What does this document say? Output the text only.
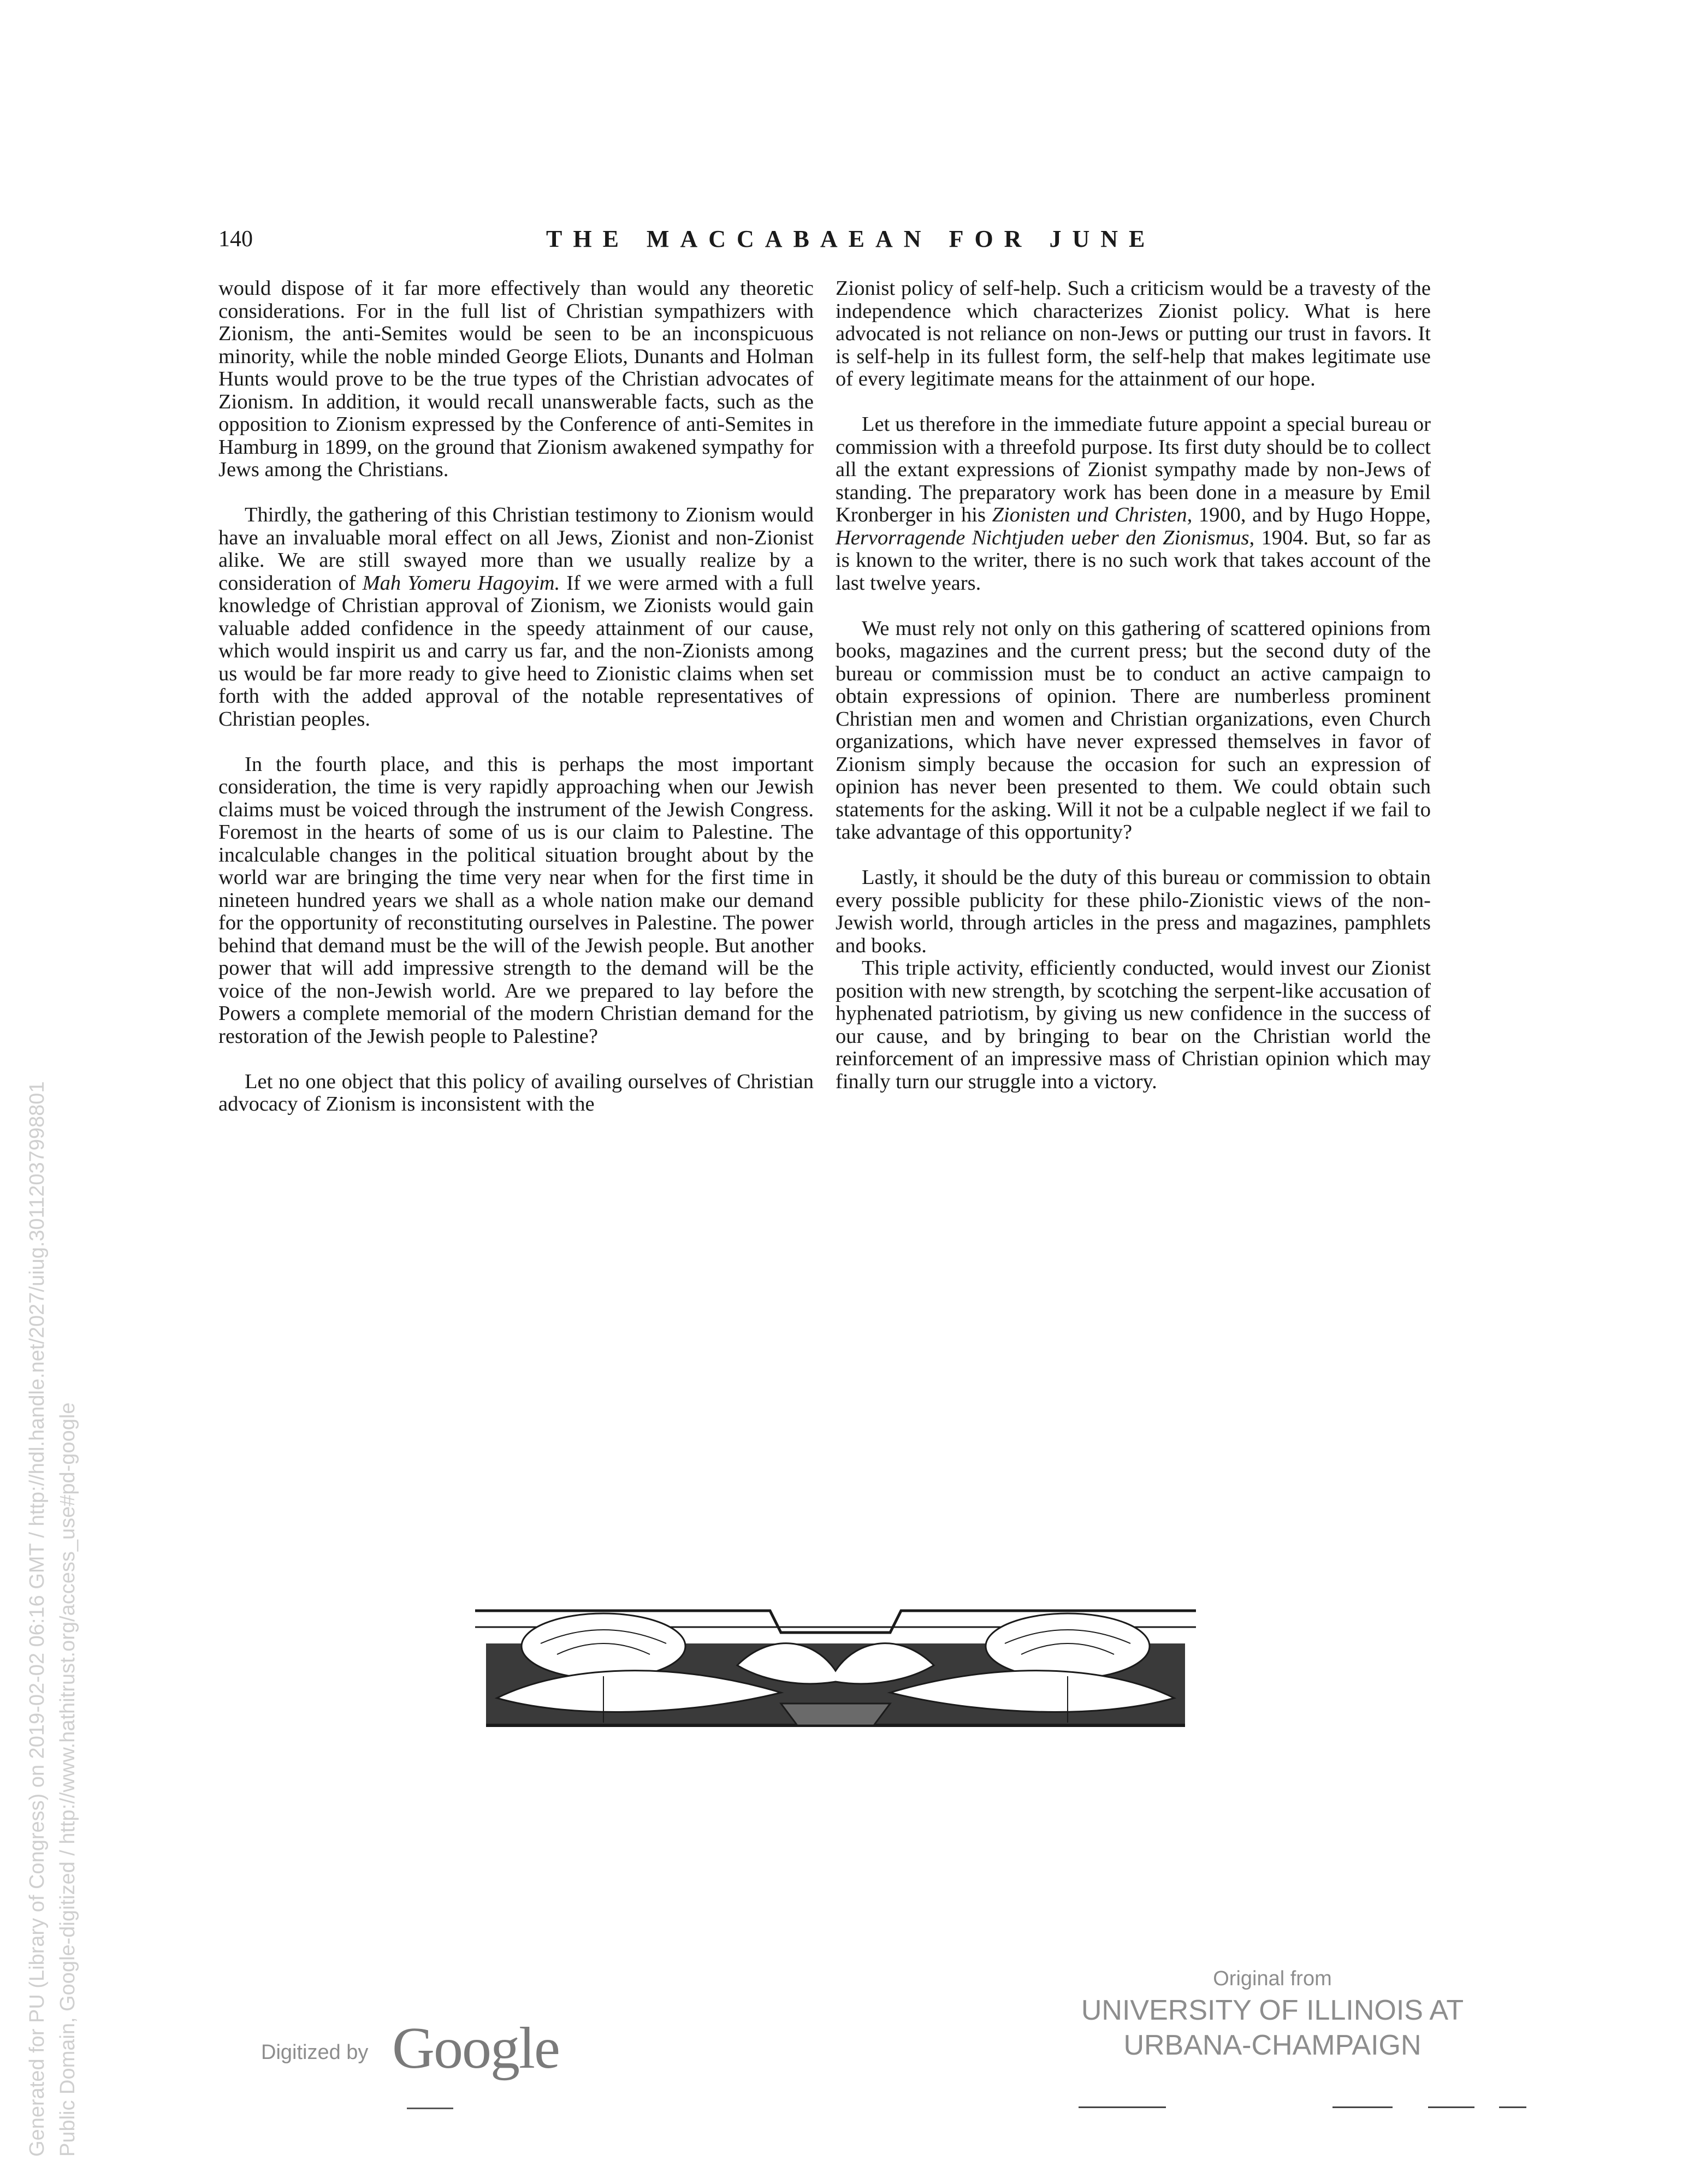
140	THE MACCABAEAN FOR JUNE

would dispose of it far more effectively than would any theoretic considerations. For in the full list of Christian sympathizers with Zionism, the anti-Semites would be seen to be an inconspicuous minority, while the noble minded George Eliots, Dunants and Holman Hunts would prove to be the true types of the Christian advocates of Zionism. In addition, it would recall unanswerable facts, such as the opposition to Zionism expressed by the Conference of anti-Semites in Hamburg in 1899, on the ground that Zionism awakened sympathy for Jews among the Christians.

Thirdly, the gathering of this Christian testimony to Zionism would have an invaluable moral effect on all Jews, Zionist and non-Zionist alike. We are still swayed more than we usually realize by a consideration of Mah Yomeru Hagoyim. If we were armed with a full knowledge of Christian approval of Zionism, we Zionists would gain valuable added confidence in the speedy attainment of our cause, which would inspirit us and carry us far, and the non-Zionists among us would be far more ready to give heed to Zionistic claims when set forth with the added approval of the notable representatives of Christian peoples.

In the fourth place, and this is perhaps the most important consideration, the time is very rapidly approaching when our Jewish claims must be voiced through the instrument of the Jewish Congress. Foremost in the hearts of some of us is our claim to Palestine. The incalculable changes in the political situation brought about by the world war are bringing the time very near when for the first time in nineteen hundred years we shall as a whole nation make our demand for the opportunity of reconstituting ourselves in Palestine. The power behind that demand must be the will of the Jewish people. But another power that will add impressive strength to the demand will be the voice of the non-Jewish world. Are we prepared to lay before the Powers a complete memorial of the modern Christian demand for the restoration of the Jewish people to Palestine?

Let no one object that this policy of availing ourselves of Christian advocacy of Zionism is inconsistent with the

Zionist policy of self-help. Such a criticism would be a travesty of the independence which characterizes Zionist policy. What is here advocated is not reliance on non-Jews or putting our trust in favors. It is self-help in its fullest form, the self-help that makes legitimate use of every legitimate means for the attainment of our hope.

Let us therefore in the immediate future appoint a special bureau or commission with a threefold purpose. Its first duty should be to collect all the extant expressions of Zionist sympathy made by non-Jews of standing. The preparatory work has been done in a measure by Emil Kronberger in his Zionisten und Christen, 1900, and by Hugo Hoppe, Hervorragende Nichtjuden ueber den Zionismus, 1904. But, so far as is known to the writer, there is no such work that takes account of the last twelve years.

We must rely not only on this gathering of scattered opinions from books, magazines and the current press; but the second duty of the bureau or commission must be to conduct an active campaign to obtain expressions of opinion. There are numberless prominent Christian men and women and Christian organizations, even Church organizations, which have never expressed themselves in favor of Zionism simply because the occasion for such an expression of opinion has never been presented to them. We could obtain such statements for the asking. Will it not be a culpable neglect if we fail to take advantage of this opportunity?

Lastly, it should be the duty of this bureau or commission to obtain every possible publicity for these philo-Zionistic views of the non-Jewish world, through articles in the press and magazines, pamphlets and books.

This triple activity, efficiently conducted, would invest our Zionist position with new strength, by scotching the serpent-like accusation of hyphenated patriotism, by giving us new confidence in the success of our cause, and by bringing to bear on the Christian world the reinforcement of an impressive mass of Christian opinion which may finally turn our struggle into a victory.

Generated for PU (Library of Congress) on 2019-02-02 06:16 GMT / http://hdl.handle.net/2027/uiug.30112037998801 Public Domain, Google-digitized / http://www.hathitrust.org/access_use#pd-google	Digitized by Google
Original from
UNIVERSITY OF ILLINOIS AT
URBANA-CHAMPAIGN
